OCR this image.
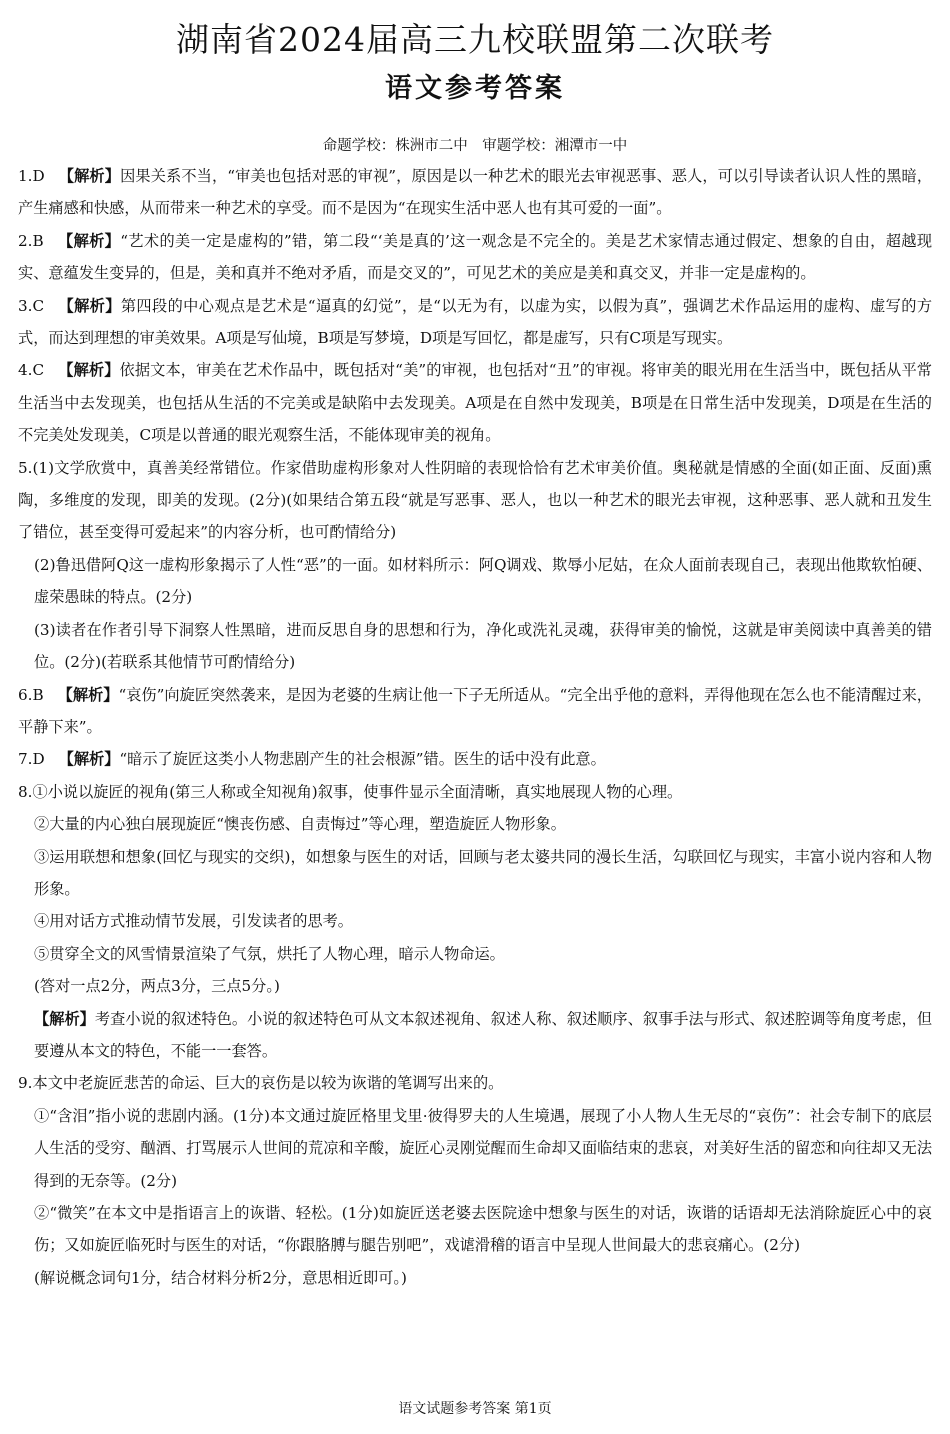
湖南省2024届高三九校联盟第二次联考
语文参考答案
命题学校：株洲市二中　审题学校：湘潭市一中

1.D 【解析】因果关系不当，“审美也包括对恶的审视”，原因是以一种艺术的眼光去审视恶事、恶人，可以引导读者认识人性的黑暗，产生痛感和快感，从而带来一种艺术的享受。而不是因为“在现实生活中恶人也有其可爱的一面”。

2.B 【解析】“艺术的美一定是虚构的”错，第二段“‘美是真的’这一观念是不完全的。美是艺术家情志通过假定、想象的自由，超越现实、意蕴发生变异的，但是，美和真并不绝对矛盾，而是交叉的”，可见艺术的美应是美和真交叉，并非一定是虚构的。

3.C 【解析】第四段的中心观点是艺术是“逼真的幻觉”，是“以无为有，以虚为实，以假为真”，强调艺术作品运用的虚构、虚写的方式，而达到理想的审美效果。A项是写仙境，B项是写梦境，D项是写回忆，都是虚写，只有C项是写现实。

4.C 【解析】依据文本，审美在艺术作品中，既包括对“美”的审视，也包括对“丑”的审视。将审美的眼光用在生活当中，既包括从平常生活当中去发现美，也包括从生活的不完美或是缺陷中去发现美。A项是在自然中发现美，B项是在日常生活中发现美，D项是在生活的不完美处发现美，C项是以普通的眼光观察生活，不能体现审美的视角。

5.(1)文学欣赏中，真善美经常错位。作家借助虚构形象对人性阴暗的表现恰恰有艺术审美价值。奥秘就是情感的全面(如正面、反面)熏陶，多维度的发现，即美的发现。(2分)(如果结合第五段“就是写恶事、恶人，也以一种艺术的眼光去审视，这种恶事、恶人就和丑发生了错位，甚至变得可爱起来”的内容分析，也可酌情给分)

(2)鲁迅借阿Q这一虚构形象揭示了人性“恶”的一面。如材料所示：阿Q调戏、欺辱小尼姑，在众人面前表现自己，表现出他欺软怕硬、虚荣愚昧的特点。(2分)

(3)读者在作者引导下洞察人性黑暗，进而反思自身的思想和行为，净化或洗礼灵魂，获得审美的愉悦，这就是审美阅读中真善美的错位。(2分)(若联系其他情节可酌情给分)

6.B 【解析】“哀伤”向旋匠突然袭来，是因为老婆的生病让他一下子无所适从。“完全出乎他的意料，弄得他现在怎么也不能清醒过来，平静下来”。

7.D 【解析】“暗示了旋匠这类小人物悲剧产生的社会根源”错。医生的话中没有此意。

8.①小说以旋匠的视角(第三人称或全知视角)叙事，使事件显示全面清晰，真实地展现人物的心理。

②大量的内心独白展现旋匠“懊丧伤感、自责悔过”等心理，塑造旋匠人物形象。

③运用联想和想象(回忆与现实的交织)，如想象与医生的对话，回顾与老太婆共同的漫长生活，勾联回忆与现实，丰富小说内容和人物形象。

④用对话方式推动情节发展，引发读者的思考。

⑤贯穿全文的风雪情景渲染了气氛，烘托了人物心理，暗示人物命运。

(答对一点2分，两点3分，三点5分。)

【解析】考查小说的叙述特色。小说的叙述特色可从文本叙述视角、叙述人称、叙述顺序、叙事手法与形式、叙述腔调等角度考虑，但要遵从本文的特色，不能一一套答。

9.本文中老旋匠悲苦的命运、巨大的哀伤是以较为诙谐的笔调写出来的。

①“含泪”指小说的悲剧内涵。(1分)本文通过旋匠格里戈里·彼得罗夫的人生境遇，展现了小人物人生无尽的“哀伤”：社会专制下的底层人生活的受穷、酗酒、打骂展示人世间的荒凉和辛酸，旋匠心灵刚觉醒而生命却又面临结束的悲哀，对美好生活的留恋和向往却又无法得到的无奈等。(2分)

②“微笑”在本文中是指语言上的诙谐、轻松。(1分)如旋匠送老婆去医院途中想象与医生的对话，诙谐的话语却无法消除旋匠心中的哀伤；又如旋匠临死时与医生的对话，“你跟胳膊与腿告别吧”，戏谑滑稽的语言中呈现人世间最大的悲哀痛心。(2分)

(解说概念词句1分，结合材料分析2分，意思相近即可。)

语文试题参考答案 第1页
